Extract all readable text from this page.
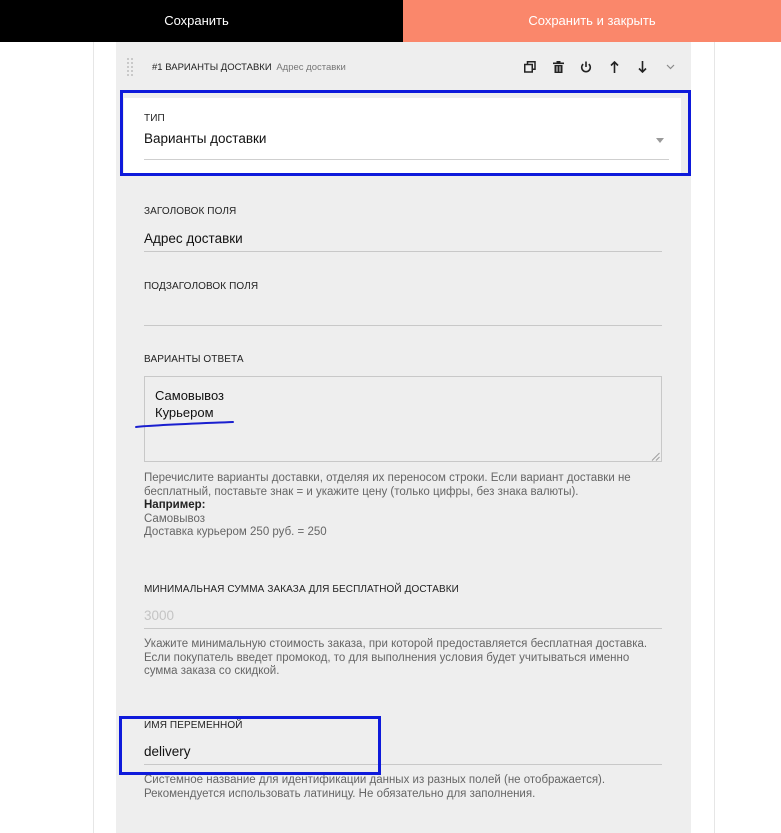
Сохранить	Сохранить и закрыть
#1 ВАРИАНТЫ ДОСТАВКИ Адрес доставки
ТИП
Варианты доставки
ЗАГОЛОВОК ПОЛЯ
Адрес доставки
ПОДЗАГОЛОВОК ПОЛЯ
ВАРИАНТЫ ОТВЕТА
Самовывоз Курьером
Перечислите варианты доставки, отделяя их переносом строки. Если вариант доставки не бесплатный, поставьте знак = и укажите цену (только цифры, без знака валюты).
Например:
Самовывоз
Доставка курьером 250 руб. = 250
МИНИМАЛЬНАЯ СУММА ЗАКАЗА ДЛЯ БЕСПЛАТНОЙ ДОСТАВКИ
3000
Укажите минимальную стоимость заказа, при которой предоставляется бесплатная доставка. Если покупатель введет промокод, то для выполнения условия будет учитываться именно сумма заказа со скидкой.
ИМЯ ПЕРЕМЕННОЙ
delivery
Системное название для идентификации данных из разных полей (не отображается). Рекомендуется использовать латиницу. Не обязательно для заполнения.
